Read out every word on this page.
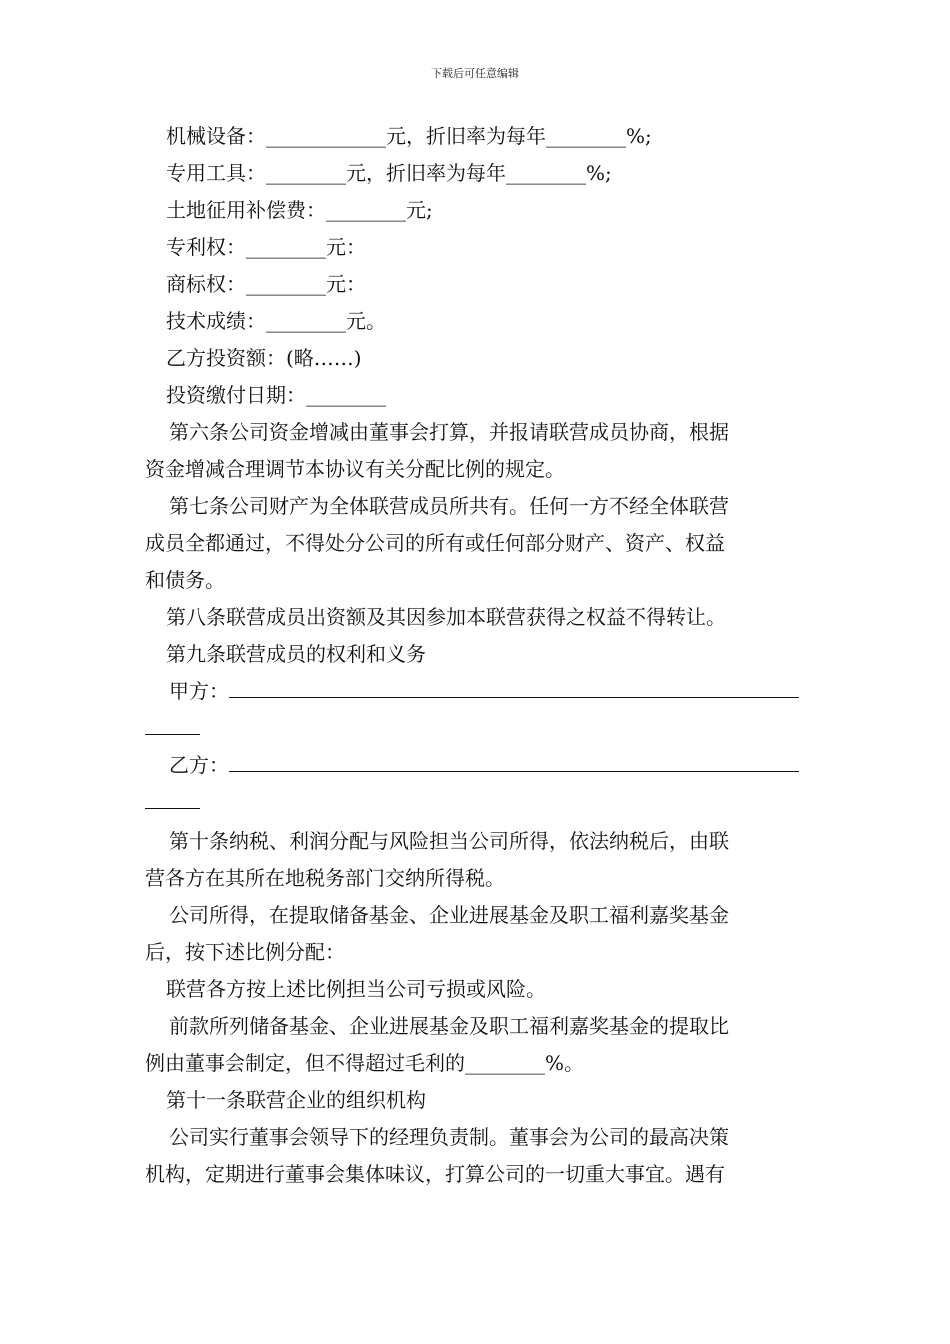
下载后可任意编辑

机械设备：____________元，折旧率为每年________%;

专用工具：________元，折旧率为每年________%;

土地征用补偿费：________元;

专利权：________元：

商标权：________元：

技术成绩：________元。

乙方投资额：(略……)

投资缴付日期：________

第六条公司资金增减由董事会打算，并报请联营成员协商，根据

资金增减合理调节本协议有关分配比例的规定。

第七条公司财产为全体联营成员所共有。任何一方不经全体联营

成员全都通过，不得处分公司的所有或任何部分财产、资产、权益

和债务。

第八条联营成员出资额及其因参加本联营获得之权益不得转让。

第九条联营成员的权利和义务

甲方：

乙方：

第十条纳税、利润分配与风险担当公司所得，依法纳税后，由联

营各方在其所在地税务部门交纳所得税。

公司所得，在提取储备基金、企业进展基金及职工福利嘉奖基金

后，按下述比例分配：

联营各方按上述比例担当公司亏损或风险。

前款所列储备基金、企业进展基金及职工福利嘉奖基金的提取比

例由董事会制定，但不得超过毛利的________%。

第十一条联营企业的组织机构

公司实行董事会领导下的经理负责制。董事会为公司的最高决策

机构，定期进行董事会集体味议，打算公司的一切重大事宜。遇有
